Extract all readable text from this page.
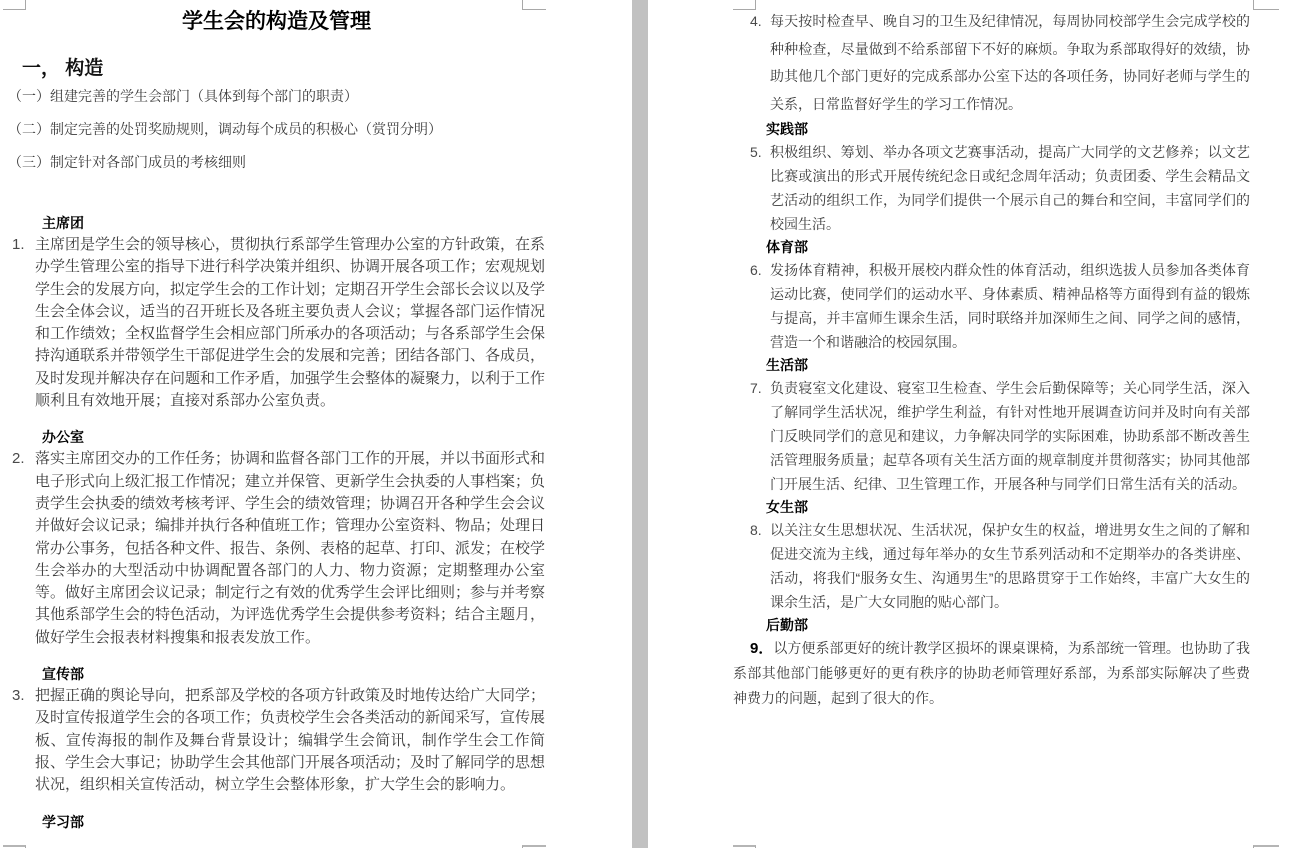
学生会的构造及管理
一， 构造
（一）组建完善的学生会部门（具体到每个部门的职责）
（二）制定完善的处罚奖励规则，调动每个成员的积极心（赏罚分明）
（三）制定针对各部门成员的考核细则
主席团
1. 主席团是学生会的领导核心，贯彻执行系部学生管理办公室的方针政策，在系办学生管理公室的指导下进行科学决策并组织、协调开展各项工作；宏观规划学生会的发展方向，拟定学生会的工作计划；定期召开学生会部长会议以及学生会全体会议，适当的召开班长及各班主要负责人会议；掌握各部门运作情况和工作绩效；全权监督学生会相应部门所承办的各项活动；与各系部学生会保持沟通联系并带领学生干部促进学生会的发展和完善；团结各部门、各成员，及时发现并解决存在问题和工作矛盾，加强学生会整体的凝聚力，以利于工作顺利且有效地开展；直接对系部办公室负责。
办公室
2. 落实主席团交办的工作任务；协调和监督各部门工作的开展，并以书面形式和电子形式向上级汇报工作情况；建立并保管、更新学生会执委的人事档案；负责学生会执委的绩效考核考评、学生会的绩效管理；协调召开各种学生会会议并做好会议记录；编排并执行各种值班工作；管理办公室资料、物品；处理日常办公事务，包括各种文件、报告、条例、表格的起草、打印、派发；在校学生会举办的大型活动中协调配置各部门的人力、物力资源；定期整理办公室等。做好主席团会议记录；制定行之有效的优秀学生会评比细则；参与并考察其他系部学生会的特色活动，为评选优秀学生会提供参考资料；结合主题月，做好学生会报表材料搜集和报表发放工作。
宣传部
3. 把握正确的舆论导向，把系部及学校的各项方针政策及时地传达给广大同学；及时宣传报道学生会的各项工作；负责校学生会各类活动的新闻采写，宣传展板、宣传海报的制作及舞台背景设计；编辑学生会简讯，制作学生会工作简报、学生会大事记；协助学生会其他部门开展各项活动；及时了解同学的思想状况，组织相关宣传活动，树立学生会整体形象，扩大学生会的影响力。
学习部
4. 每天按时检查早、晚自习的卫生及纪律情况，每周协同校部学生会完成学校的种种检查，尽量做到不给系部留下不好的麻烦。争取为系部取得好的效绩，协助其他几个部门更好的完成系部办公室下达的各项任务，协同好老师与学生的关系，日常监督好学生的学习工作情况。
实践部
5. 积极组织、筹划、举办各项文艺赛事活动，提高广大同学的文艺修养；以文艺比赛或演出的形式开展传统纪念日或纪念周年活动；负责团委、学生会精品文艺活动的组织工作，为同学们提供一个展示自己的舞台和空间，丰富同学们的校园生活。
体育部
6. 发扬体育精神，积极开展校内群众性的体育活动，组织选拔人员参加各类体育运动比赛，使同学们的运动水平、身体素质、精神品格等方面得到有益的锻炼与提高，并丰富师生课余生活，同时联络并加深师生之间、同学之间的感情，营造一个和谐融洽的校园氛围。
生活部
7. 负责寝室文化建设、寝室卫生检查、学生会后勤保障等；关心同学生活，深入了解同学生活状况，维护学生利益，有针对性地开展调查访问并及时向有关部门反映同学们的意见和建议，力争解决同学的实际困难，协助系部不断改善生活管理服务质量；起草各项有关生活方面的规章制度并贯彻落实；协同其他部门开展生活、纪律、卫生管理工作，开展各种与同学们日常生活有关的活动。
女生部
8. 以关注女生思想状况、生活状况，保护女生的权益，增进男女生之间的了解和促进交流为主线，通过每年举办的女生节系列活动和不定期举办的各类讲座、活动，将我们“服务女生、沟通男生”的思路贯穿于工作始终，丰富广大女生的课余生活，是广大女同胞的贴心部门。
后勤部
9．以方便系部更好的统计教学区损坏的课桌课椅，为系部统一管理。也协助了我系部其他部门能够更好的更有秩序的协助老师管理好系部，为系部实际解决了些费神费力的问题，起到了很大的作。
